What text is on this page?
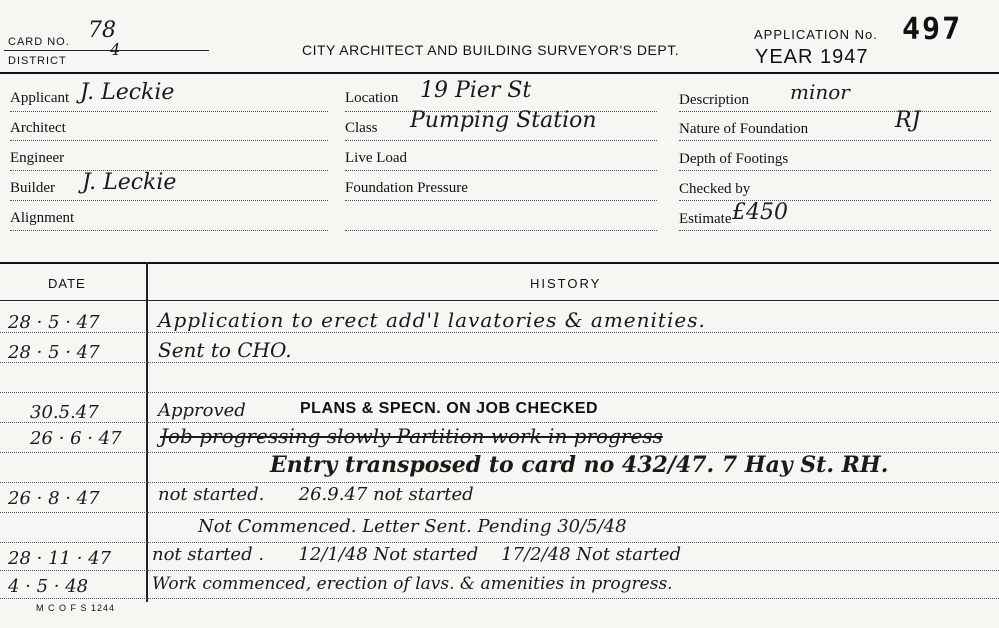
CARD NO. 78
DISTRICT
4	CITY ARCHITECT AND BUILDING SURVEYOR'S DEPT.
APPLICATION No. 497
YEAR 1947
Applicant J. Leckie
Architect
Engineer
Builder J. Leckie
Alignment
Location 19 Pier St
Class Pumping Station
Live Load
Foundation Pressure
Description minor
Nature of Foundation	RJ
Depth of Footings
Checked by
Estimate £450
DATE	HISTORY
28 · 5 · 47	Application to erect add'l lavatories & amenities.
28 · 5 · 47	Sent to CHO.
30.5.47	Approved	PLANS & SPECN. ON JOB CHECKED
26 · 6 · 47 Job progressing slowly Partition work in progress
Entry transposed to card no 432/47. 7 Hay St. RH.
26 · 8 · 47	not started.      26.9.47 not started
Not Commenced. Letter Sent. Pending 30/5/48
28 · 11 · 47 not started .      12/1/48 Not started    17/2/48 Not started
4 · 5 · 48	Work commenced, erection of lavs. & amenities in progress.
M C O F S 1244
